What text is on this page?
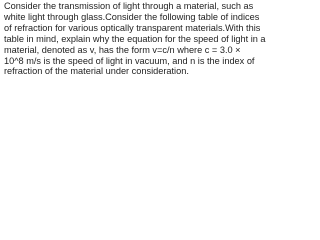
Consider the transmission of light through a material, such as
white light through glass.Consider the following table of indices
of refraction for various optically transparent materials.With this
table in mind, explain why the equation for the speed of light in a
material, denoted as v, has the form v=c/n where c = 3.0 ×
10^8 m/s is the speed of light in vacuum, and n is the index of
refraction of the material under consideration.
